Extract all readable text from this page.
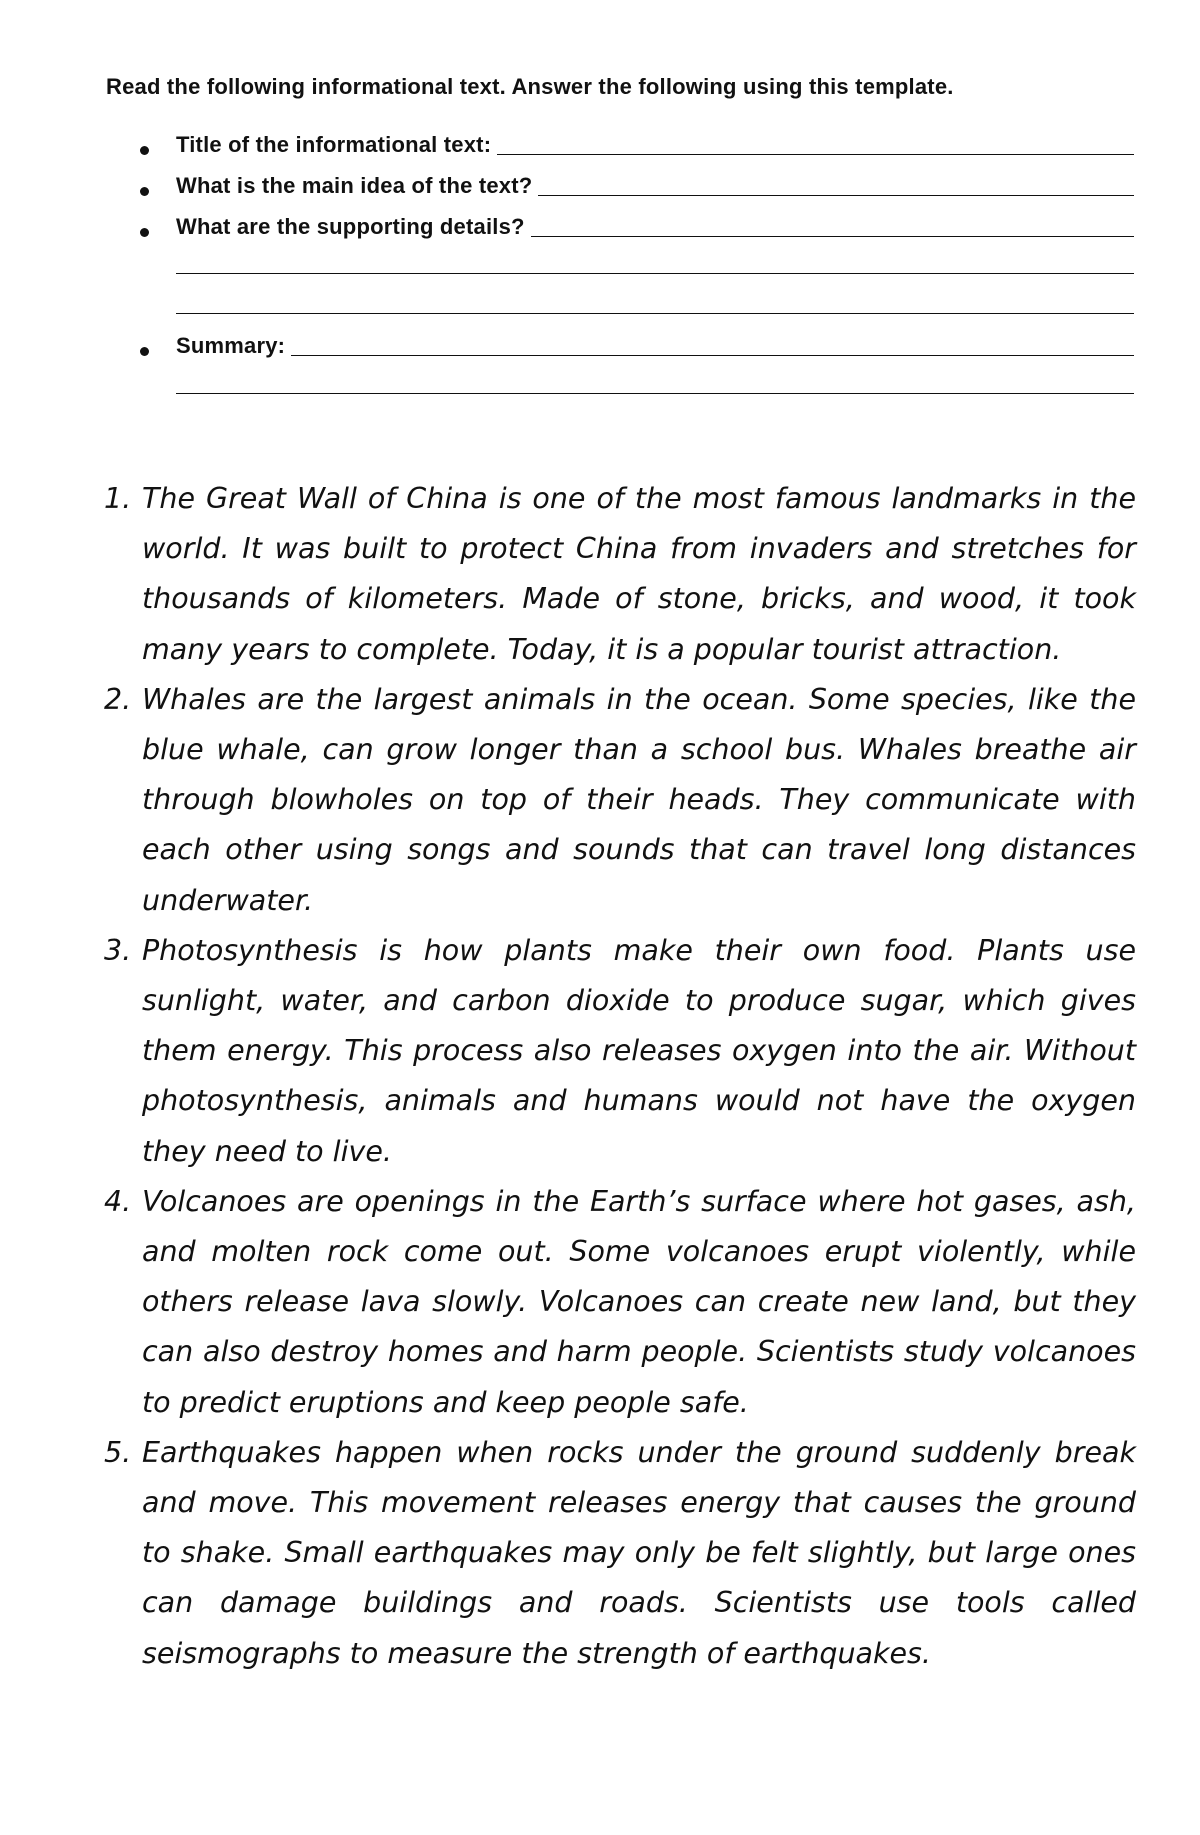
Read the following informational text. Answer the following using this template.
Title of the informational text:
What is the main idea of the text?
What are the supporting details?
Summary:
1. The Great Wall of China is one of the most famous landmarks in the world. It was built to protect China from invaders and stretches for thousands of kilometers. Made of stone, bricks, and wood, it took many years to complete. Today, it is a popular tourist attraction.
2. Whales are the largest animals in the ocean. Some species, like the blue whale, can grow longer than a school bus. Whales breathe air through blowholes on top of their heads. They communicate with each other using songs and sounds that can travel long distances underwater.
3. Photosynthesis is how plants make their own food. Plants use sunlight, water, and carbon dioxide to produce sugar, which gives them energy. This process also releases oxygen into the air. Without photosynthesis, animals and humans would not have the oxygen they need to live.
4. Volcanoes are openings in the Earth’s surface where hot gases, ash, and molten rock come out. Some volcanoes erupt violently, while others release lava slowly. Volcanoes can create new land, but they can also destroy homes and harm people. Scientists study volcanoes to predict eruptions and keep people safe.
5. Earthquakes happen when rocks under the ground suddenly break and move. This movement releases energy that causes the ground to shake. Small earthquakes may only be felt slightly, but large ones can damage buildings and roads. Scientists use tools called seismographs to measure the strength of earthquakes.
